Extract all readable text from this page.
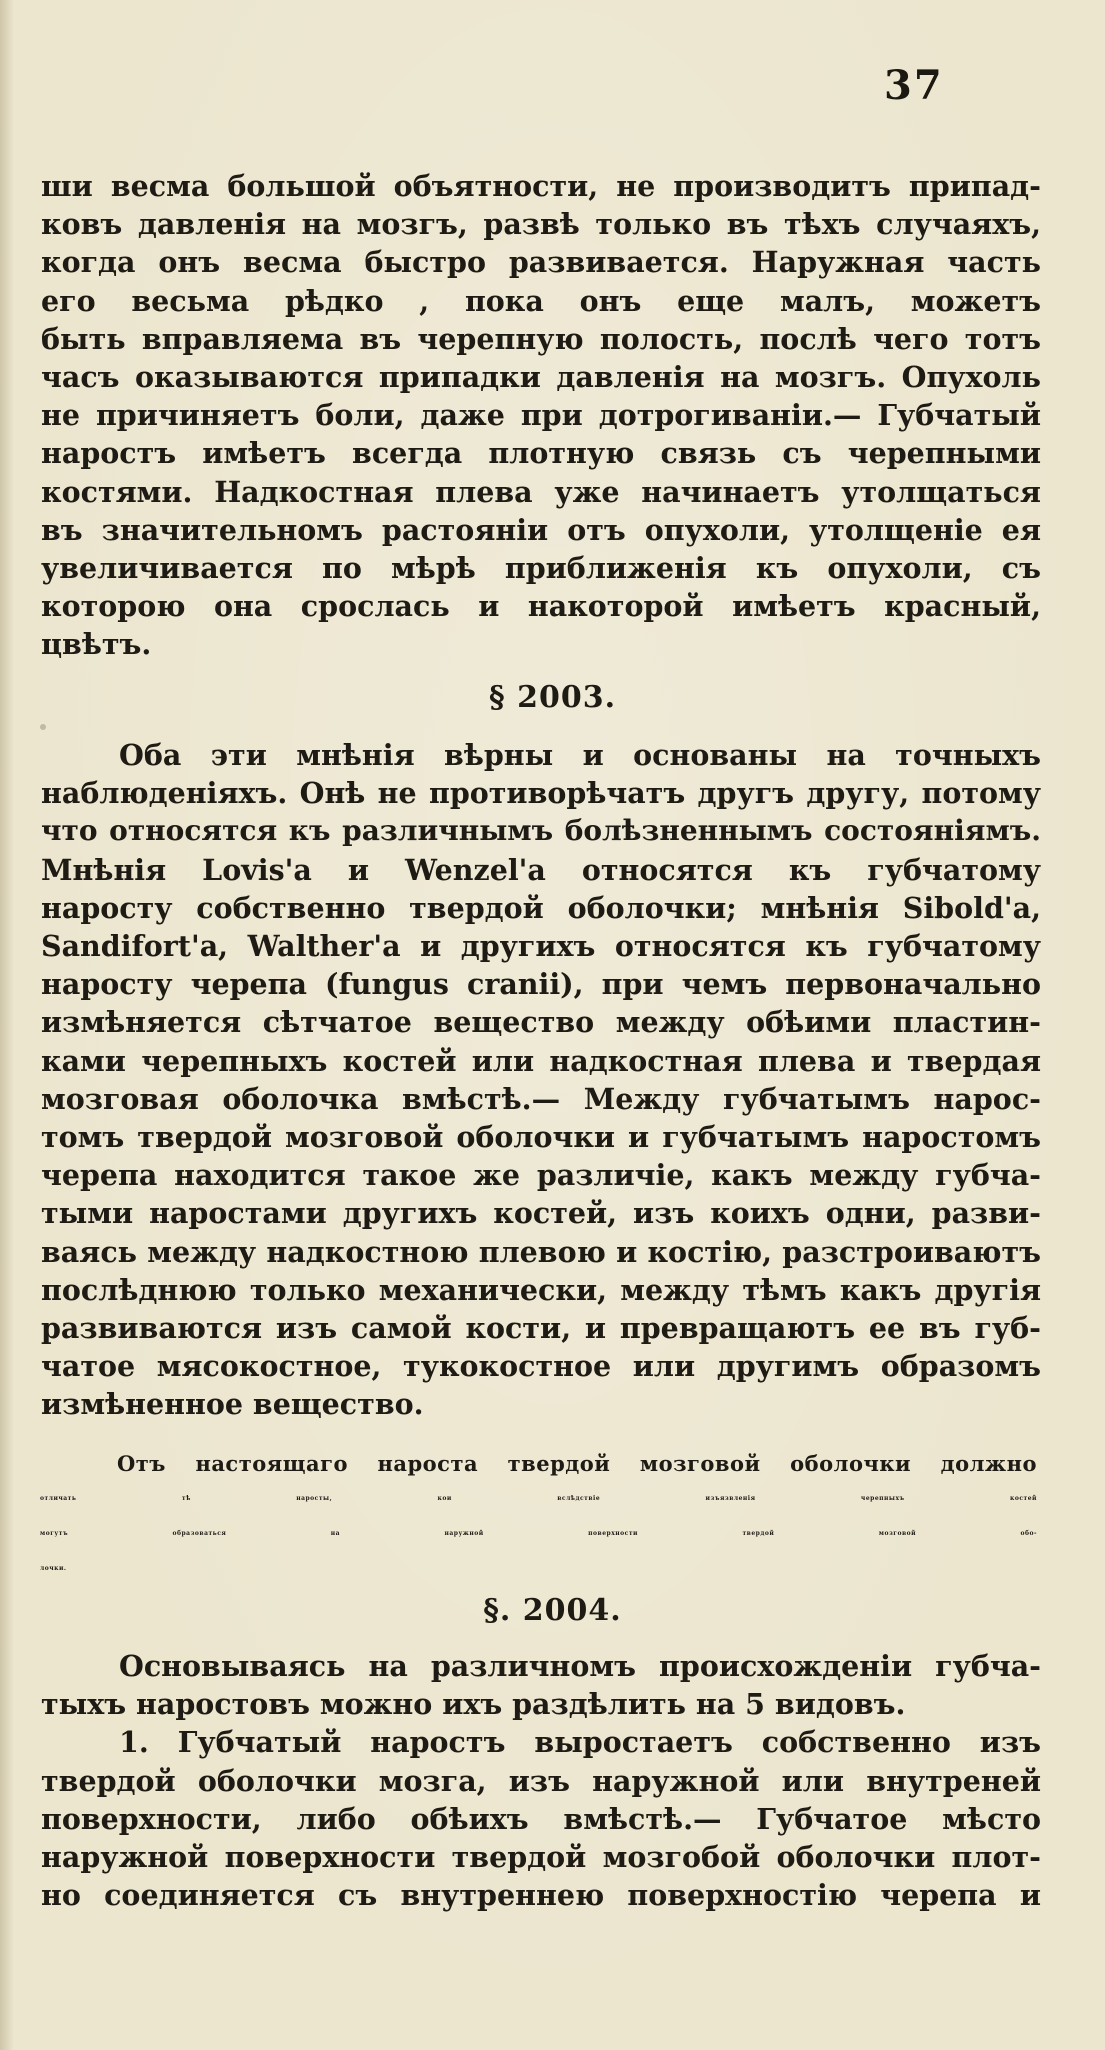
37
ши весма большой объятности, не производитъ припад-
ковъ давленія на мозгъ, развѣ только въ тѣхъ случаяхъ,
когда онъ весма быстро развивается. Наружная часть
его весьма рѣдко , пока онъ еще малъ, можетъ
быть вправляема въ черепную полость, послѣ чего тотъ
часъ оказываются припадки давленія на мозгъ. Опухоль
не причиняетъ боли, даже при дотрогиваніи.— Губчатый
наростъ имѣетъ всегда плотную связь съ черепными
костями. Надкостная плева уже начинаетъ утолщаться
въ значительномъ растояніи отъ опухоли, утолщеніе ея
увеличивается по мѣрѣ приближенія къ опухоли, съ
которою она срослась и накоторой имѣетъ красный,
цвѣтъ.
§ 2003.
Оба эти мнѣнія вѣрны и основаны на точныхъ
наблюденіяхъ. Онѣ не противорѣчатъ другъ другу, потому
что относятся къ различнымъ болѣзненнымъ состояніямъ.
Мнѣнія Lovis'а и Wenzel'а относятся къ губчатому
наросту собственно твердой оболочки; мнѣнія Sibold'а,
Sandifort'а, Walther'а и другихъ относятся къ губчатому
наросту черепа (fungus cranii), при чемъ первоначально
измѣняется сѣтчатое вещество между обѣими пластин-
ками черепныхъ костей или надкостная плева и твердая
мозговая оболочка вмѣстѣ.— Между губчатымъ нарос-
томъ твердой мозговой оболочки и губчатымъ наростомъ
черепа находится такое же различіе, какъ между губча-
тыми наростами другихъ костей, изъ коихъ одни, разви-
ваясь между надкостною плевою и костію, разстроиваютъ
послѣднюю только механически, между тѣмъ какъ другія
развиваются изъ самой кости, и превращаютъ ее въ губ-
чатое мясокостное, тукокостное или другимъ образомъ
измѣненное вещество.
Отъ настоящаго нароста твердой мозговой оболочки должно
отличать тѣ наросты, кои вслѣдствіе изъязвленія черепныхъ костей
могутъ образоваться на наружной поверхности твердой мозговой обо-
лочки.
§. 2004.
Основываясь на различномъ происхожденіи губча-
тыхъ наростовъ можно ихъ раздѣлить на 5 видовъ.
1. Губчатый наростъ выростаетъ собственно изъ
твердой оболочки мозга, изъ наружной или внутреней
поверхности, либо обѣихъ вмѣстѣ.— Губчатое мѣсто
наружной поверхности твердой мозгобой оболочки плот-
но соединяется съ внутреннею поверхностію черепа и
